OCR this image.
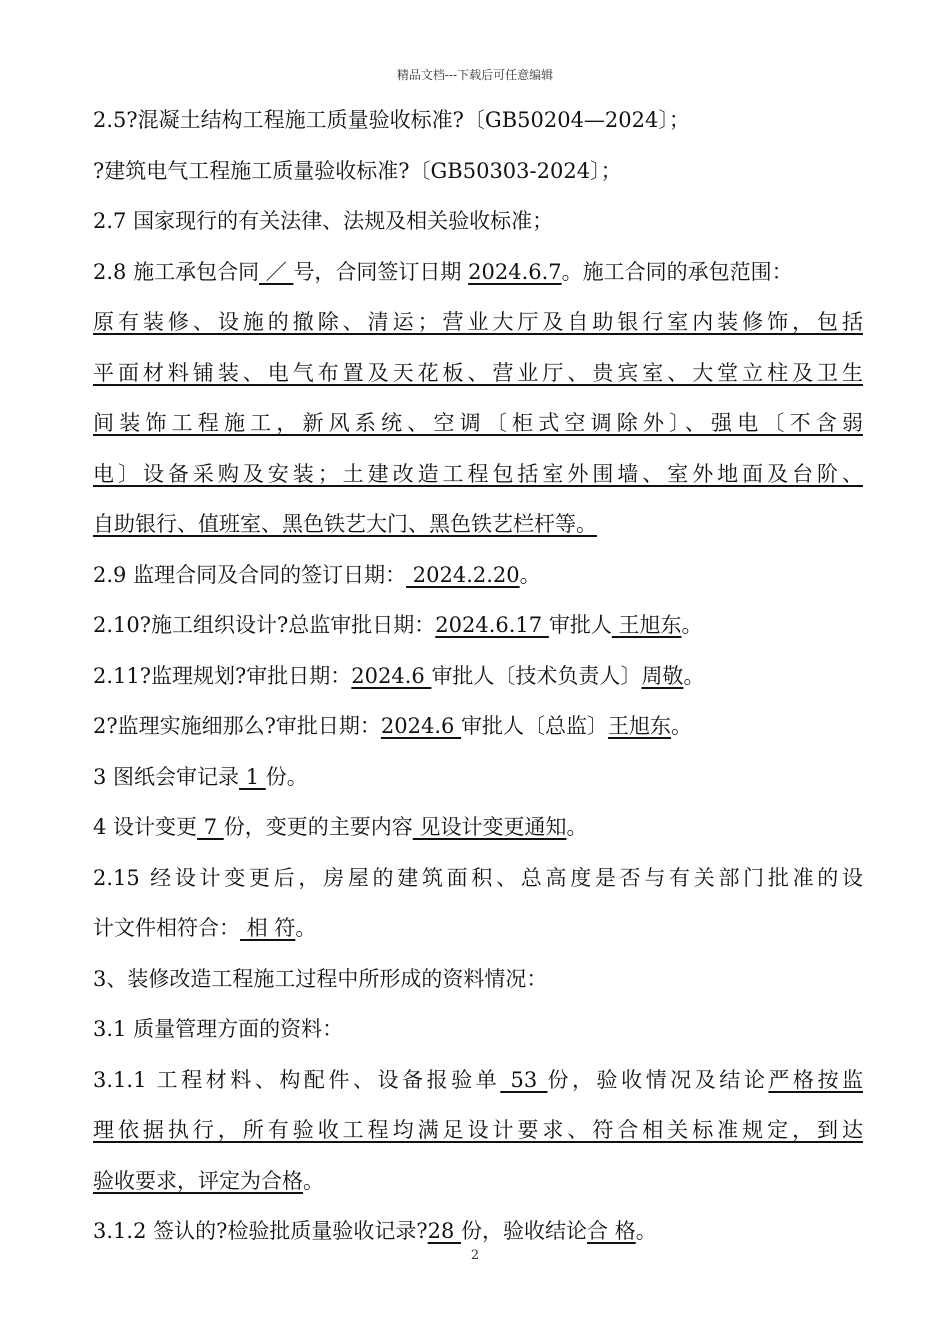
精品文档---下载后可任意编辑
2.5?混凝土结构工程施工质量验收标准?〔GB50204—2024〕；
?建筑电气工程施工质量验收标准?〔GB50303-2024〕；
2.7 国家现行的有关法律、法规及相关验收标准；
2.8 施工承包合同 ／ 号，合同签订日期 2024.6.7。施工合同的承包范围：
原有装修、设施的撤除、清运；营业大厅及自助银行室内装修饰，包括
平面材料铺装、电气布置及天花板、营业厅、贵宾室、大堂立柱及卫生
间装饰工程施工，新风系统、空调〔柜式空调除外〕、强电〔不含弱
电〕设备采购及安装；土建改造工程包括室外围墙、室外地面及台阶、
自助银行、值班室、黑色铁艺大门、黑色铁艺栏杆等。
2.9 监理合同及合同的签订日期： 2024.2.20。
2.10?施工组织设计?总监审批日期：2024.6.17 审批人 王旭东。
2.11?监理规划?审批日期：2024.6 审批人〔技术负责人〕周敬。
2?监理实施细那么?审批日期：2024.6 审批人〔总监〕王旭东。
3 图纸会审记录 1 份。
4 设计变更 7 份，变更的主要内容 见设计变更通知。
2.15 经设计变更后，房屋的建筑面积、总高度是否与有关部门批准的设
计文件相符合： 相 符。
3、装修改造工程施工过程中所形成的资料情况：
3.1 质量管理方面的资料：
3.1.1 工程材料、构配件、设备报验单 53 份，验收情况及结论严格按监
理依据执行，所有验收工程均满足设计要求、符合相关标准规定，到达
验收要求，评定为合格。
3.1.2 签认的?检验批质量验收记录?28 份，验收结论合 格。
2
